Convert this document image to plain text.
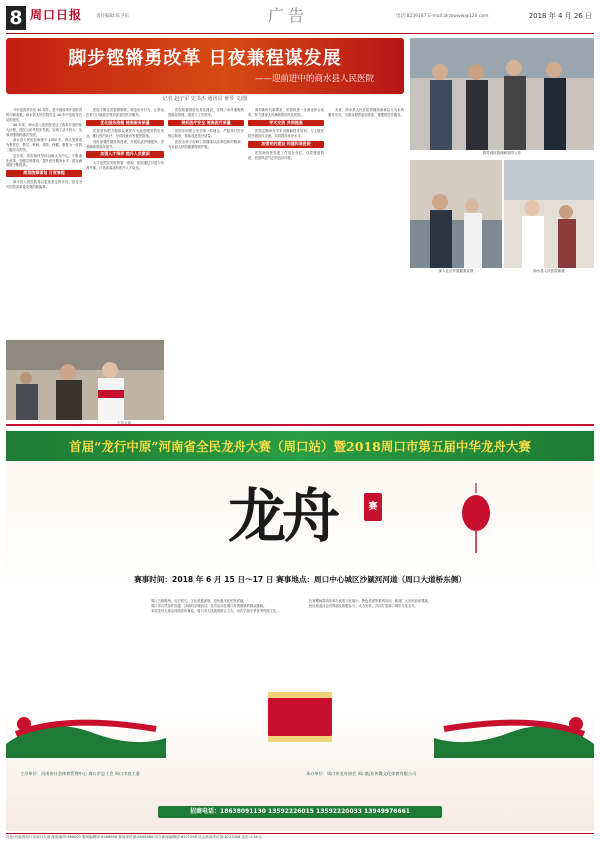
8 周口日报	责任编辑:陈卫东	广告	电话:8239187 E-mail:zkrbwww@126.com	2018 年 4 月 26 日
脚步铿锵勇改革 日夜兼程谋发展
——迎前进中的商水县人民医院
记者 赵子军 史书杰 通讯员 黄琴 文/图

今年是改革开放 40 周年。是中国改革开放取得的丰硕成果，商水县人民医院在这 40 年中也取得长足的进步。

40 年来，商水县人民医院见证了改革开放的伟大历程，医院与时代同步发展，实现了从小到大、从弱到强的跨越式发展。

商水县人民医院始建于 1950 年，现已发展成为集医疗、教学、科研、预防、保健、康复为一体的三级综合医院。

近年来，医院始终坚持以病人为中心，不断深化改革，加强学科建设，提升医疗服务水平，群众满意度不断提高。

规划统筹谋划 日夜兼程

商水县人民医院将以更加坚定的步伐，奋力书写医院高质量发展的新篇章。

下乡义诊

医院不断完善管理制度，规范诊疗行为，让群众在家门口就能享受到优质的医疗服务。

优化服务流程 提高服务质量

医院坚持把方便群众就医作为改进服务的出发点，推行预约诊疗、分时段就诊等便民措施。

同时加强医德医风建设，开展优质护理服务，患者满意度逐年提升。

加强人才培养 提升人员素质

人才是医院发展的第一资源。医院通过引进与培养并重，打造高素质的医疗人才队伍。

医院积极推进信息化建设，实现了诊疗流程的智能化管理，提高了工作效率。

狠抓医疗安全 提高医疗质量

医院牢固树立安全第一的理念，严格执行医疗核心制度，持续改进医疗质量。

医院全体干部职工将继续以改革创新的精神，为全县人民的健康保驾护航。

面对新时代新要求，医院将进一步深化综合改革，努力建设人民满意的现代化医院。

学术交流 共同提高

医院定期举办学术讲座和技术培训，与上级医院开展协作交流，共同提高诊疗水平。

加强党的建设 构建和谐医院

医院始终把党建工作放在首位，以党建促院建，营造风清气正的良好环境。

未来，商水县人民医院将继续秉承以人为本的服务宗旨，为群众提供更加优质、便捷的医疗服务。

领导到医院调研指导工作
深入社区开展健康宣教	商水县人民医院新貌
首届“龙行中原”河南省全民龙舟大赛（周口站）暨2018周口市第五届中华龙舟大赛
龙舟	赛
赛事时间：2018 年 6 月 15 日～17 日 赛事地点：周口中心城区沙颍河河道（周口大道桥东侧）

周口古称陈州，历史悠久，文化底蕴深厚，是伏羲文化的发祥地。

周口市自然条件优越，沙颍河穿城而过，龙舟运动在周口有着深厚的群众基础。

本届龙舟大赛由河南省体育局、周口市人民政府联合主办，旨在弘扬中华优秀传统文化。

比赛期间将同步举办民俗文化展示、特色美食等系列活动，欢迎广大市民前来观赛。

热忱欢迎社会各界朋友积极参与、大力支持，共同打造周口城市文化名片。

主办单位：河南省社会体育管理中心 周口市总工会 周口市直工委	承办单位：周口市龙舟协会 周口报业传媒文化体育有限公司
招商电话：18638091130 13592226015 13592220033 13949976661
社址:河南省周口市周口大道 邮政编码:466000 要闻编辑部:8266698 要闻采访部:8599586 综合新闻编辑部:8221558 社会新闻采访部:8233306 定价:1.30元
